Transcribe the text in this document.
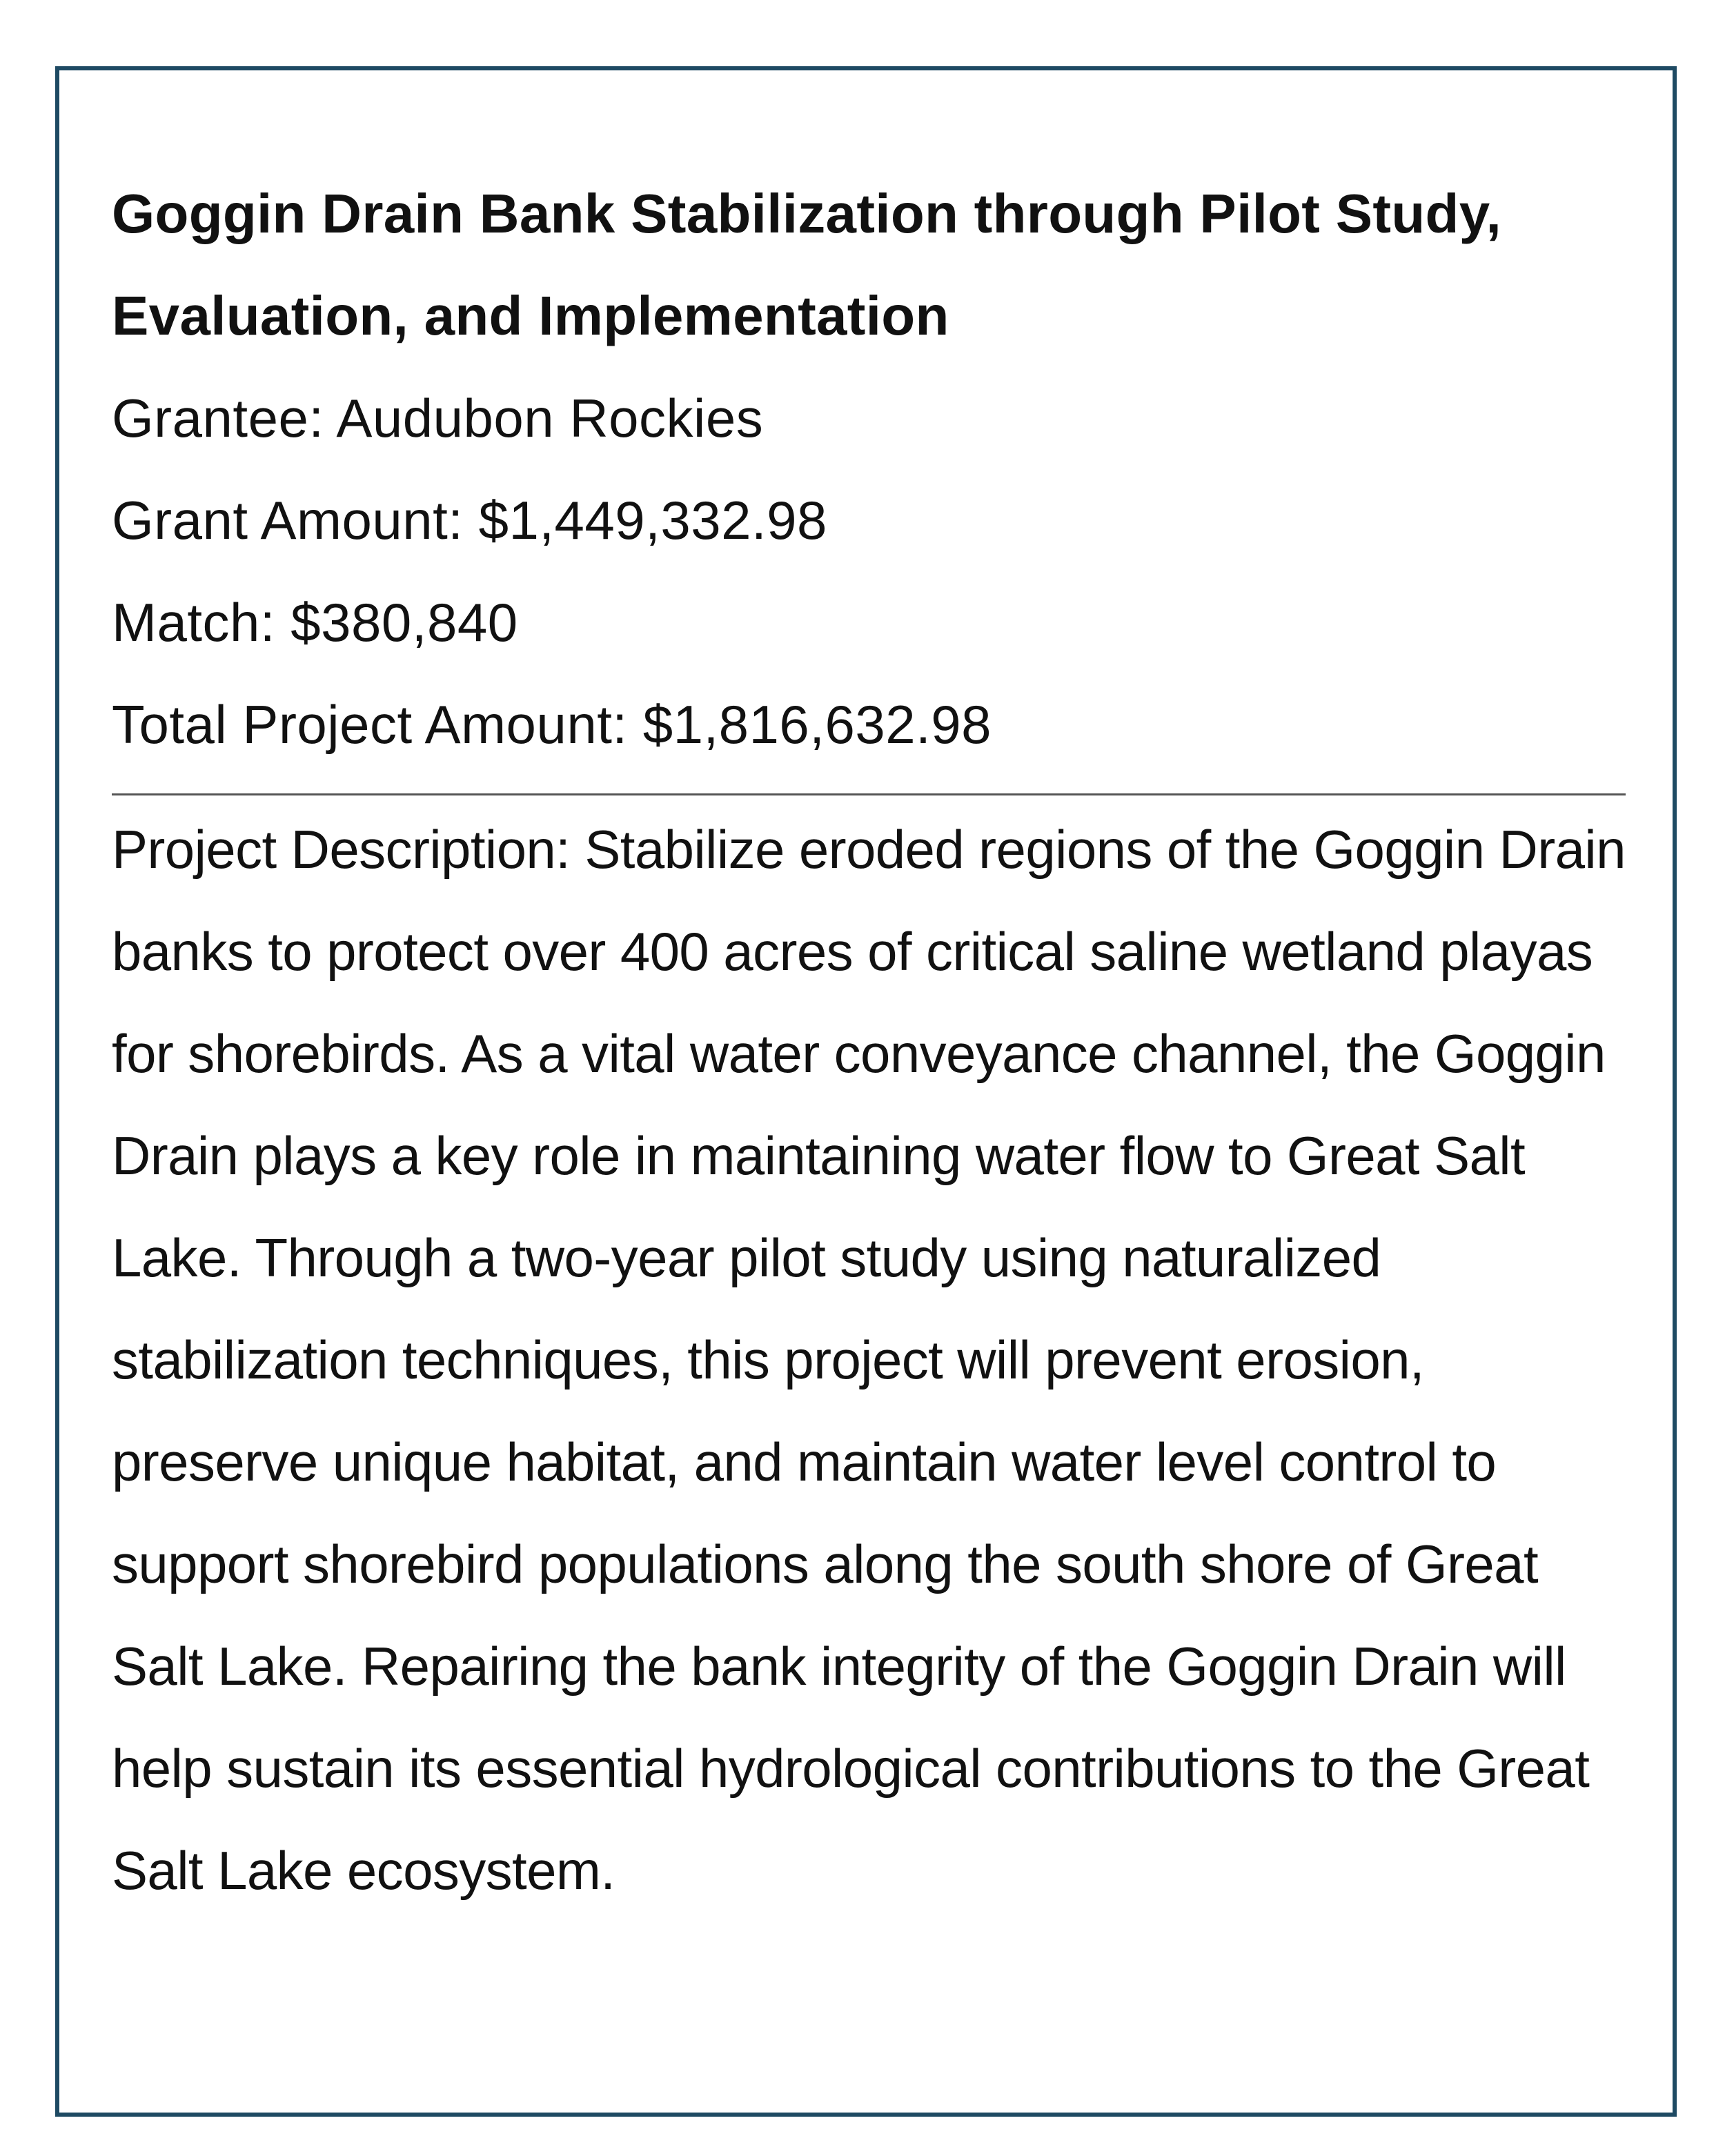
Goggin Drain Bank Stabilization through Pilot Study, Evaluation, and Implementation

Grantee: Audubon Rockies

Grant Amount: $1,449,332.98

Match: $380,840

Total Project Amount: $1,816,632.98

Project Description: Stabilize eroded regions of the Goggin Drain banks to protect over 400 acres of critical saline wetland playas for shorebirds. As a vital water conveyance channel, the Goggin Drain plays a key role in maintaining water flow to Great Salt Lake. Through a two-year pilot study using naturalized stabilization techniques, this project will prevent erosion, preserve unique habitat, and maintain water level control to support shorebird populations along the south shore of Great Salt Lake. Repairing the bank integrity of the Goggin Drain will help sustain its essential hydrological contributions to the Great Salt Lake ecosystem.
